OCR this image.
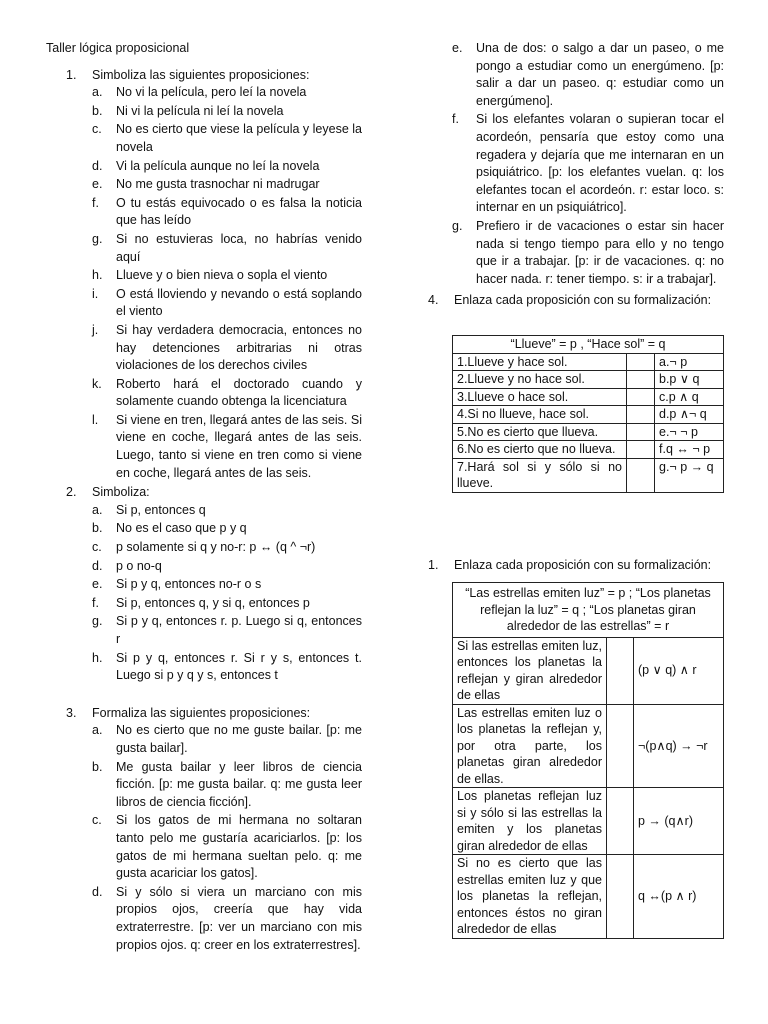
Taller lógica proposicional
1.	Simboliza las siguientes proposiciones:
a.	No vi la película, pero leí la novela
b.	Ni vi la película ni leí la novela
c.	No es cierto que viese la película y leyese la novela
d.	Vi la película aunque no leí la novela
e.	No me gusta trasnochar ni madrugar
f.	O tu estás equivocado o es falsa la noticia que has leído
g.	Si no estuvieras loca, no habrías venido aquí
h.	Llueve y o bien nieva o sopla el viento
i.	O está lloviendo y nevando o está soplando el viento
j.	Si hay verdadera democracia, entonces no hay detenciones arbitrarias ni otras violaciones de los derechos civiles
k.	Roberto hará el doctorado cuando y solamente cuando obtenga la licenciatura
l.	Si viene en tren, llegará antes de las seis. Si viene en coche, llegará antes de las seis. Luego, tanto si viene en tren como si viene en coche, llegará antes de las seis.
2.	Simboliza:
a.	Si p, entonces q
b.	No es el caso que p y q
c.	p solamente si q y no-r: p ↔ (q ^ ¬r)
d.	p o no-q
e.	Si p y q, entonces no-r o s
f.	Si p, entonces q, y si q, entonces p
g.	Si p y q, entonces r. p. Luego si q, entonces r
h.	Si p y q, entonces r. Si r y s, entonces t. Luego si p y q y s, entonces t
3.	Formaliza las siguientes proposiciones:
a.	No es cierto que no me guste bailar. [p: me gusta bailar].
b.	Me gusta bailar y leer libros de ciencia ficción. [p: me gusta bailar. q: me gusta leer libros de ciencia ficción].
c.	Si los gatos de mi hermana no soltaran tanto pelo me gustaría acariciarlos. [p: los gatos de mi hermana sueltan pelo. q: me gusta acariciar los gatos].
d.	Si y sólo si viera un marciano con mis propios ojos, creería que hay vida extraterrestre. [p: ver un marciano con mis propios ojos. q: creer en los extraterrestres].
e.	Una de dos: o salgo a dar un paseo, o me pongo a estudiar como un energúmeno. [p: salir a dar un paseo. q: estudiar como un energúmeno].
f.	Si los elefantes volaran o supieran tocar el acordeón, pensaría que estoy como una regadera y dejaría que me internaran en un psiquiátrico. [p: los elefantes vuelan. q: los elefantes tocan el acordeón. r: estar loco. s: internar en un psiquiátrico].
g.	Prefiero ir de vacaciones o estar sin hacer nada si tengo tiempo para ello y no tengo que ir a trabajar. [p: ir de vacaciones. q: no hacer nada. r: tener tiempo. s: ir a trabajar].
4.	Enlaza cada proposición con su formalización:
“Llueve” = p , “Hace sol” = q		
1.Llueve y hace sol.		a.¬ p
2.Llueve y no hace sol.		b.p ∨ q
3.Llueve o hace sol.		c.p ∧ q
4.Si no llueve, hace sol.		d.p ∧¬ q
5.No es cierto que llueva.		e.¬ ¬ p
6.No es cierto que no llueva.		f.q ↔ ¬ p
7.Hará sol si y sólo si no llueve.		g.¬ p → q
1.	Enlaza cada proposición con su formalización:
“Las estrellas emiten luz” = p ; “Los planetas reflejan la luz” = q ; “Los planetas giran alrededor de las estrellas” = r		
Si las estrellas emiten luz, entonces los planetas la reflejan y giran alrededor de ellas		(p ∨ q) ∧ r
Las estrellas emiten luz o los planetas la reflejan y, por otra parte, los planetas giran alrededor de ellas.		¬(p∧q) → ¬r
Los planetas reflejan luz si y sólo si las estrellas la emiten y los planetas giran alrededor de ellas		p → (q∧r)
Si no es cierto que las estrellas emiten luz y que los planetas la reflejan, entonces éstos no giran alrededor de ellas		q ↔(p ∧ r)
